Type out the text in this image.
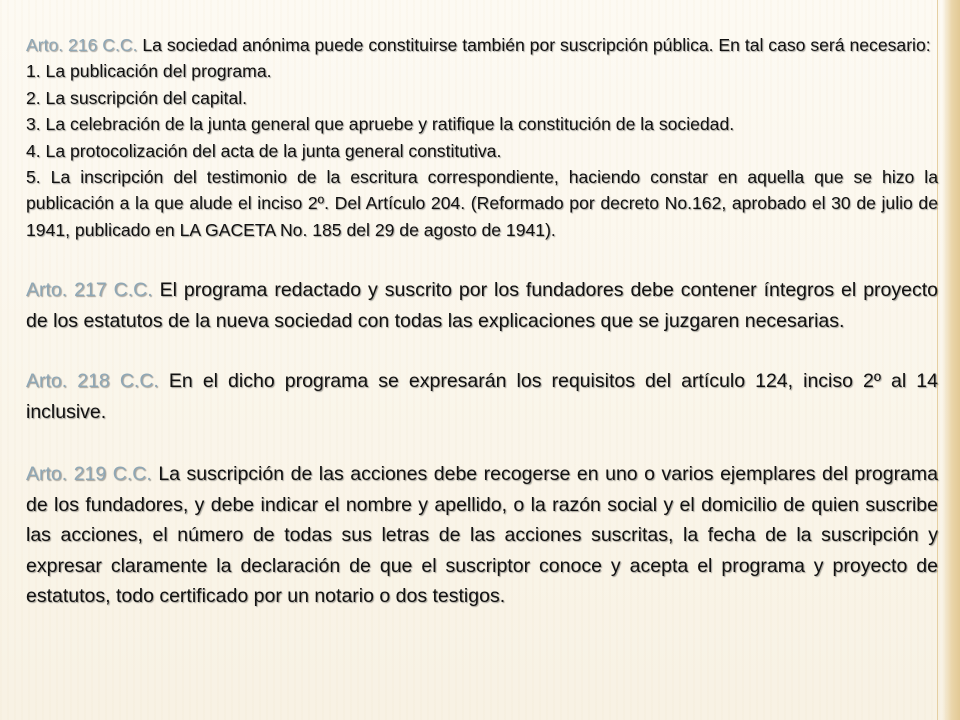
Arto. 216 C.C. La sociedad anónima puede constituirse también por suscripción pública. En tal caso será necesario:

1. La publicación del programa.

2. La suscripción del capital.

3. La celebración de la junta general que apruebe y ratifique la constitución de la sociedad.

4. La protocolización del acta de la junta general constitutiva.

5. La inscripción del testimonio de la escritura correspondiente, haciendo constar en aquella que se hizo la publicación a la que alude el inciso 2º. Del Artículo 204. (Reformado por decreto No.162, aprobado el 30 de julio de 1941, publicado en LA GACETA No. 185 del 29 de agosto de 1941).

Arto. 217 C.C. El programa redactado y suscrito por los fundadores debe contener íntegros el proyecto de los estatutos de la nueva sociedad con todas las explicaciones que se juzgaren necesarias.

Arto. 218 C.C. En el dicho programa se expresarán los requisitos del artículo 124, inciso 2º al 14 inclusive.

Arto. 219 C.C. La suscripción de las acciones debe recogerse en uno o varios ejemplares del programa de los fundadores, y debe indicar el nombre y apellido, o la razón social y el domicilio de quien suscribe las acciones, el número de todas sus letras de las acciones suscritas, la fecha de la suscripción y expresar claramente la declaración de que el suscriptor conoce y acepta el programa y proyecto de estatutos, todo certificado por un notario o dos testigos.
